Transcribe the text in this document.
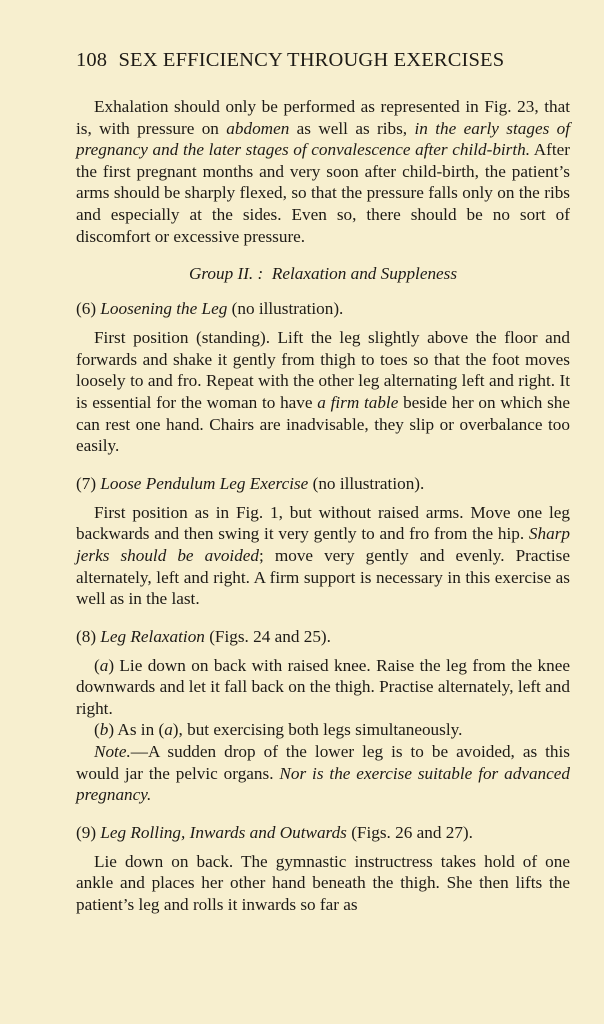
108 SEX EFFICIENCY THROUGH EXERCISES

Exhalation should only be performed as represented in Fig. 23, that is, with pressure on abdomen as well as ribs, in the early stages of pregnancy and the later stages of convalescence after child-birth. After the first pregnant months and very soon after child-birth, the patient’s arms should be sharply flexed, so that the pressure falls only on the ribs and especially at the sides. Even so, there should be no sort of discomfort or excessive pressure.

Group II. : Relaxation and Suppleness
(6) Loosening the Leg (no illustration).

First position (standing). Lift the leg slightly above the floor and forwards and shake it gently from thigh to toes so that the foot moves loosely to and fro. Repeat with the other leg alternating left and right. It is essential for the woman to have a firm table beside her on which she can rest one hand. Chairs are inadvisable, they slip or overbalance too easily.

(7) Loose Pendulum Leg Exercise (no illustration).

First position as in Fig. 1, but without raised arms. Move one leg backwards and then swing it very gently to and fro from the hip. Sharp jerks should be avoided; move very gently and evenly. Practise alternately, left and right. A firm support is necessary in this exercise as well as in the last.

(8) Leg Relaxation (Figs. 24 and 25).

(a) Lie down on back with raised knee. Raise the leg from the knee downwards and let it fall back on the thigh. Practise alternately, left and right.

(b) As in (a), but exercising both legs simultaneously.

Note.—A sudden drop of the lower leg is to be avoided, as this would jar the pelvic organs. Nor is the exercise suitable for advanced pregnancy.

(9) Leg Rolling, Inwards and Outwards (Figs. 26 and 27).

Lie down on back. The gymnastic instructress takes hold of one ankle and places her other hand beneath the thigh. She then lifts the patient’s leg and rolls it inwards so far as
